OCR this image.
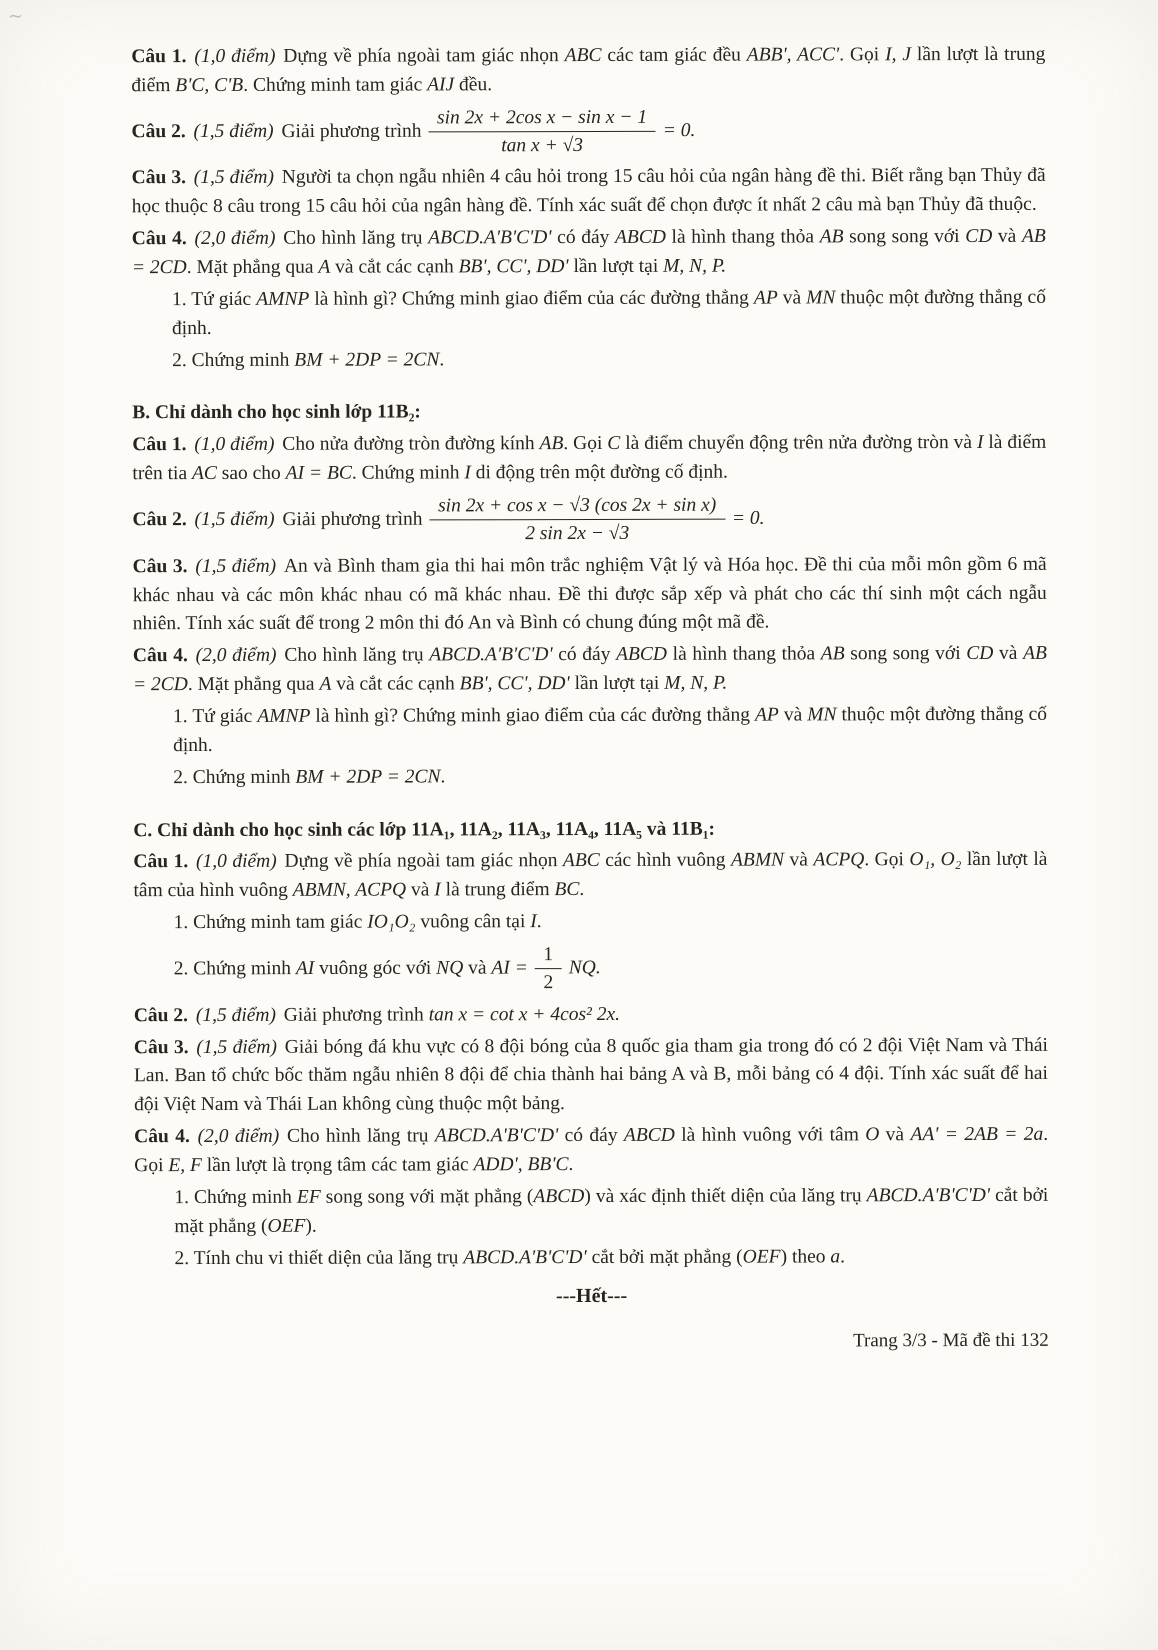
∼

Câu 1. (1,0 điểm) Dựng về phía ngoài tam giác nhọn ABC các tam giác đều ABB', ACC'. Gọi I, J lần lượt là trung điểm B'C, C'B. Chứng minh tam giác AIJ đều.

Câu 2. (1,5 điểm) Giải phương trình $\frac{\text{sin 2x + 2cos x − sin x − 1}}{\text{tan x + √3}} = 0$.

Câu 3. (1,5 điểm) Người ta chọn ngẫu nhiên 4 câu hỏi trong 15 câu hỏi của ngân hàng đề thi. Biết rằng bạn Thủy đã học thuộc 8 câu trong 15 câu hỏi của ngân hàng đề. Tính xác suất để chọn được ít nhất 2 câu mà bạn Thủy đã thuộc.

Câu 4. (2,0 điểm) Cho hình lăng trụ ABCD.A'B'C'D' có đáy ABCD là hình thang thỏa AB song song với CD và AB = 2CD. Mặt phẳng qua A và cắt các cạnh BB', CC', DD' lần lượt tại M, N, P.

1. Tứ giác AMNP là hình gì? Chứng minh giao điểm của các đường thẳng AP và MN thuộc một đường thẳng cố định.

2. Chứng minh BM + 2DP = 2CN.

B. Chỉ dành cho học sinh lớp 11B₂:

Câu 1. (1,0 điểm) Cho nửa đường tròn đường kính AB. Gọi C là điểm chuyển động trên nửa đường tròn và I là điểm trên tia AC sao cho AI = BC. Chứng minh I di động trên một đường cố định.

Câu 2. (1,5 điểm) Giải phương trình $\frac{\text{sin 2x + cos x − √3 (cos 2x + sin x)}}{2 \sin 2x - √3} = 0$.

Câu 3. (1,5 điểm) An và Bình tham gia thi hai môn trắc nghiệm Vật lý và Hóa học. Đề thi của mỗi môn gồm 6 mã khác nhau và các môn khác nhau có mã khác nhau. Đề thi được sắp xếp và phát cho các thí sinh một cách ngẫu nhiên. Tính xác suất để trong 2 môn thi đó An và Bình có chung đúng một mã đề.

Câu 4. (2,0 điểm) Cho hình lăng trụ ABCD.A'B'C'D' có đáy ABCD là hình thang thỏa AB song song với CD và AB = 2CD. Mặt phẳng qua A và cắt các cạnh BB', CC', DD' lần lượt tại M, N, P.

1. Tứ giác AMNP là hình gì? Chứng minh giao điểm của các đường thẳng AP và MN thuộc một đường thẳng cố định.

2. Chứng minh BM + 2DP = 2CN.

C. Chỉ dành cho học sinh các lớp 11A₁, 11A₂, 11A₃, 11A₄, 11A₅ và 11B₁:

Câu 1. (1,0 điểm) Dựng về phía ngoài tam giác nhọn ABC các hình vuông ABMN và ACPQ. Gọi O₁, O₂ lần lượt là tâm của hình vuông ABMN, ACPQ và I là trung điểm BC.

1. Chứng minh tam giác IO₁O₂ vuông cân tại I.

2. Chứng minh AI vuông góc với NQ và AI = $\frac{1}{2}$ NQ.

Câu 2. (1,5 điểm) Giải phương trình tan x = cot x + 4cos² 2x.

Câu 3. (1,5 điểm) Giải bóng đá khu vực có 8 đội bóng của 8 quốc gia tham gia trong đó có 2 đội Việt Nam và Thái Lan. Ban tổ chức bốc thăm ngẫu nhiên 8 đội để chia thành hai bảng A và B, mỗi bảng có 4 đội. Tính xác suất để hai đội Việt Nam và Thái Lan không cùng thuộc một bảng.

Câu 4. (2,0 điểm) Cho hình lăng trụ ABCD.A'B'C'D' có đáy ABCD là hình vuông với tâm O và AA' = 2AB = 2a. Gọi E, F lần lượt là trọng tâm các tam giác ADD', BB'C.

1. Chứng minh EF song song với mặt phẳng (ABCD) và xác định thiết diện của lăng trụ ABCD.A'B'C'D' cắt bởi mặt phẳng (OEF).

2. Tính chu vi thiết diện của lăng trụ ABCD.A'B'C'D' cắt bởi mặt phẳng (OEF) theo a.

---Hết---

Trang 3/3 - Mã đề thi 132
